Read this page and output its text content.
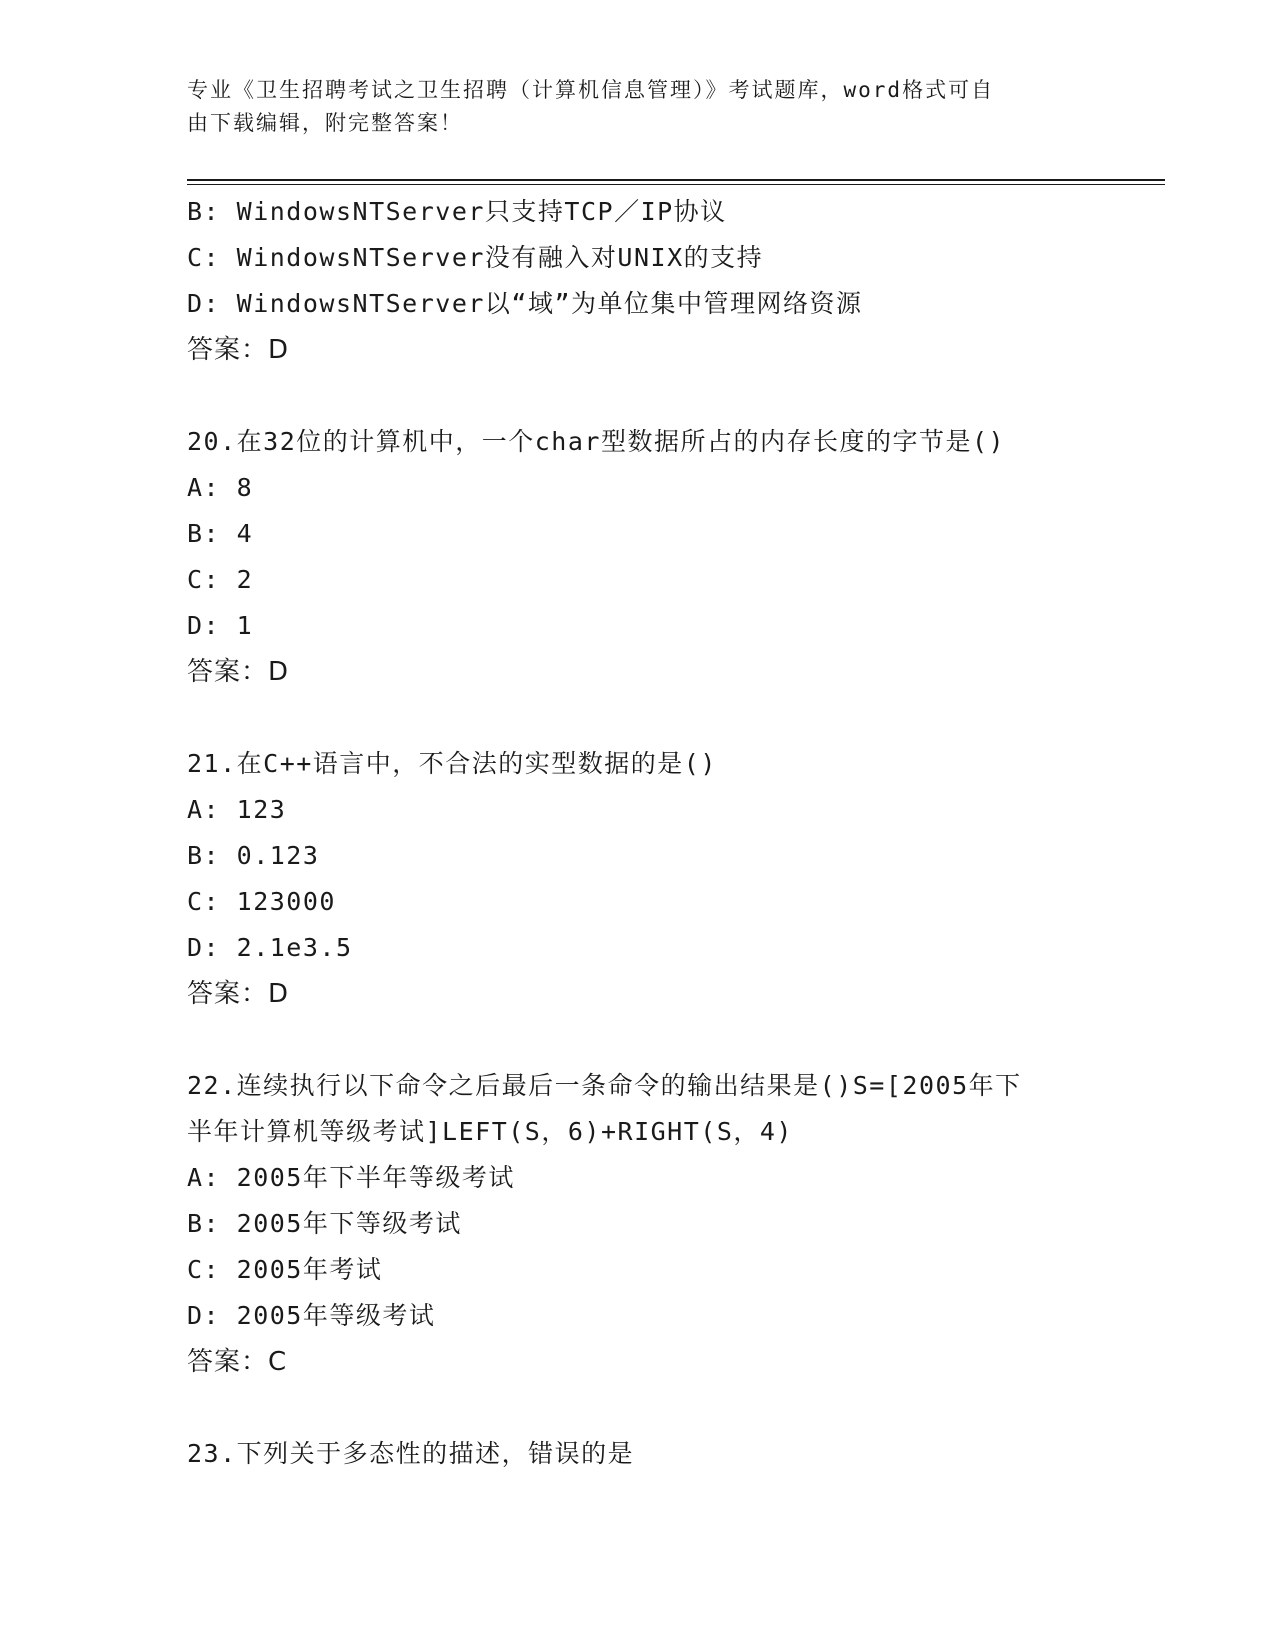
专业《卫生招聘考试之卫生招聘（计算机信息管理）》考试题库，word格式可自
由下载编辑，附完整答案！
B: WindowsNTServer只支持TCP／IP协议
C: WindowsNTServer没有融入对UNIX的支持
D: WindowsNTServer以“域”为单位集中管理网络资源
答案：D
20.在32位的计算机中，一个char型数据所占的内存长度的字节是()
A: 8
B: 4
C: 2
D: 1
答案：D
21.在C++语言中，不合法的实型数据的是()
A: 123
B: 0.123
C: 123000
D: 2.1e3.5
答案：D
22.连续执行以下命令之后最后一条命令的输出结果是()S=[2005年下
半年计算机等级考试]LEFT(S，6)+RIGHT(S，4)
A: 2005年下半年等级考试
B: 2005年下等级考试
C: 2005年考试
D: 2005年等级考试
答案：C
23.下列关于多态性的描述，错误的是
